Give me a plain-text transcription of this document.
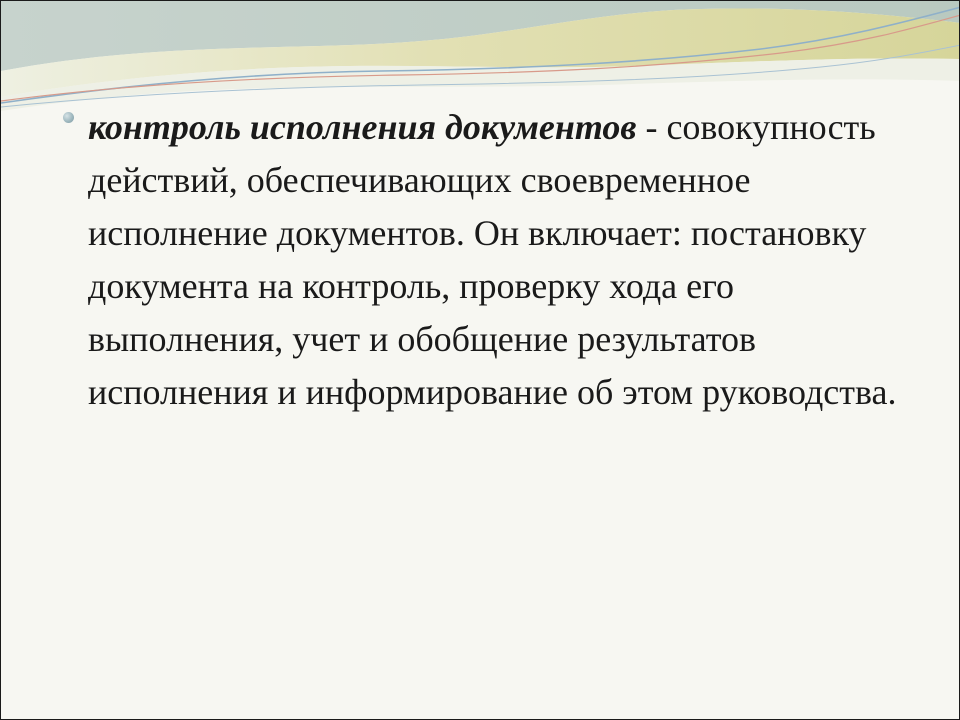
контроль исполнения документов - совокупность действий, обеспечивающих своевременное исполнение документов. Он включает: постановку документа на контроль, проверку хода его выполнения, учет и обобщение результатов исполнения и информирование об этом руководства.
